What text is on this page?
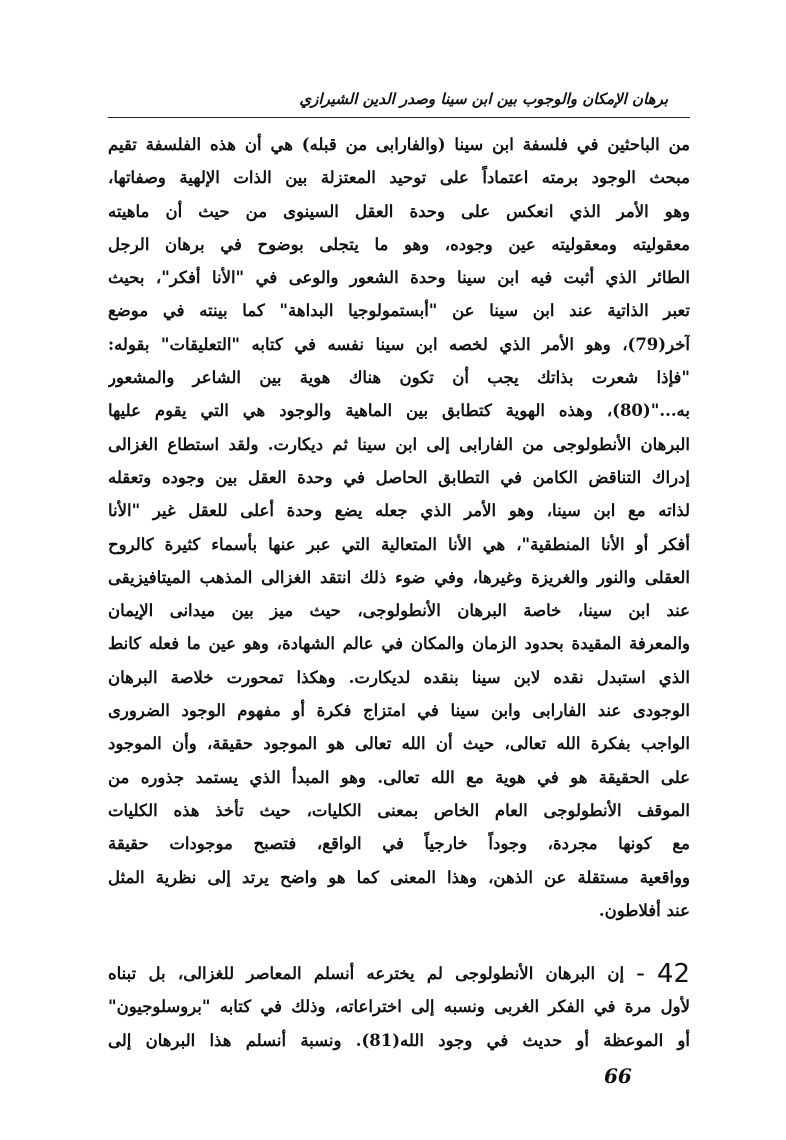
برهان الإمكان والوجوب بين ابن سينا وصدر الدين الشيرازي
من الباحثين في فلسفة ابن سينا (والفارابى من قبله) هي أن هذه الفلسفة تقيم
مبحث الوجود برمته اعتماداً على توحيد المعتزلة بين الذات الإلهية وصفاتها،
وهو الأمر الذي انعكس على وحدة العقل السينوى من حيث أن ماهيته
معقوليته ومعقوليته عين وجوده، وهو ما يتجلى بوضوح في برهان الرجل
الطائر الذي أثبت فيه ابن سينا وحدة الشعور والوعى في "الأنا أفكر"، بحيث
تعبر الذاتية عند ابن سينا عن "أبستمولوجيا البداهة" كما بينته في موضع
آخر(79)، وهو الأمر الذي لخصه ابن سينا نفسه في كتابه "التعليقات" بقوله:
"فإذا شعرت بذاتك يجب أن تكون هناك هوية بين الشاعر والمشعور
به..."(80)، وهذه الهوية كتطابق بين الماهية والوجود هي التي يقوم عليها
البرهان الأنطولوجى من الفارابى إلى ابن سينا ثم ديكارت. ولقد استطاع الغزالى
إدراك التناقض الكامن في التطابق الحاصل في وحدة العقل بين وجوده وتعقله
لذاته مع ابن سينا، وهو الأمر الذي جعله يضع وحدة أعلى للعقل غير "الأنا
أفكر أو الأنا المنطقية"، هي الأنا المتعالية التي عبر عنها بأسماء كثيرة كالروح
العقلى والنور والغريزة وغيرها، وفي ضوء ذلك انتقد الغزالى المذهب الميتافيزيقى
عند ابن سينا، خاصة البرهان الأنطولوجى، حيث ميز بين ميدانى الإيمان
والمعرفة المقيدة بحدود الزمان والمكان في عالم الشهادة، وهو عين ما فعله كانط
الذي استبدل نقده لابن سينا بنقده لديكارت. وهكذا تمحورت خلاصة البرهان
الوجودى عند الفارابى وابن سينا في امتزاج فكرة أو مفهوم الوجود الضرورى
الواجب بفكرة الله تعالى، حيث أن الله تعالى هو الموجود حقيقة، وأن الموجود
على الحقيقة هو في هوية مع الله تعالى. وهو المبدأ الذي يستمد جذوره من
الموقف الأنطولوجى العام الخاص بمعنى الكليات، حيث تأخذ هذه الكليات
مع كونها مجردة، وجوداً خارجياً في الواقع، فتصبح موجودات حقيقة
وواقعية مستقلة عن الذهن، وهذا المعنى كما هو واضح يرتد إلى نظرية المثل
عند أفلاطون.
42 – إن البرهان الأنطولوجى لم يخترعه أنسلم المعاصر للغزالى، بل تبناه
لأول مرة في الفكر الغربى ونسبه إلى اختراعاته، وذلك في كتابه "بروسلوجيون"
أو الموعظة أو حديث في وجود الله(81). ونسبة أنسلم هذا البرهان إلى
66
